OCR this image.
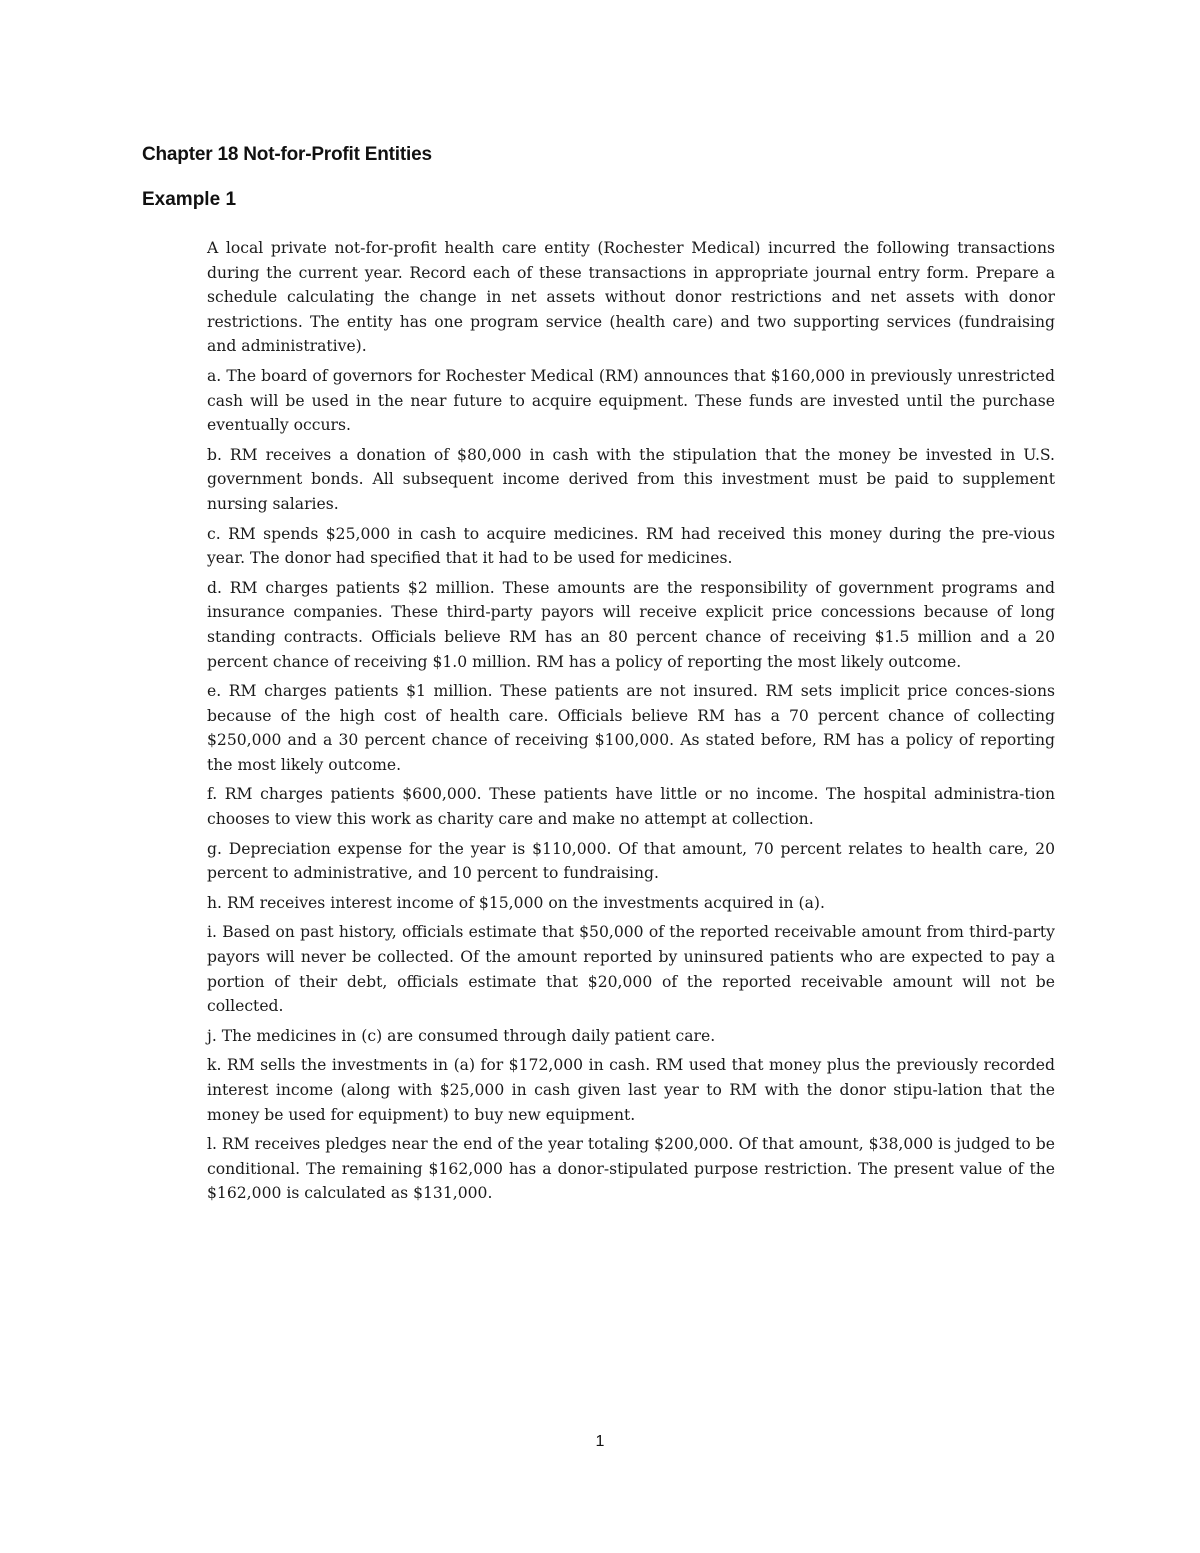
Chapter 18 Not-for-Profit Entities
Example 1

A local private not-for-profit health care entity (Rochester Medical) incurred the following transactions during the current year. Record each of these transactions in appropriate journal entry form. Prepare a schedule calculating the change in net assets without donor restrictions and net assets with donor restrictions. The entity has one program service (health care) and two supporting services (fundraising and administrative).

a. The board of governors for Rochester Medical (RM) announces that $160,000 in previously unrestricted cash will be used in the near future to acquire equipment. These funds are invested until the purchase eventually occurs.

b. RM receives a donation of $80,000 in cash with the stipulation that the money be invested in U.S. government bonds. All subsequent income derived from this investment must be paid to supplement nursing salaries.

c. RM spends $25,000 in cash to acquire medicines. RM had received this money during the pre-vious year. The donor had specified that it had to be used for medicines.

d. RM charges patients $2 million. These amounts are the responsibility of government programs and insurance companies. These third-party payors will receive explicit price concessions because of long standing contracts. Officials believe RM has an 80 percent chance of receiving $1.5 million and a 20 percent chance of receiving $1.0 million. RM has a policy of reporting the most likely outcome.

e. RM charges patients $1 million. These patients are not insured. RM sets implicit price conces-sions because of the high cost of health care. Officials believe RM has a 70 percent chance of collecting $250,000 and a 30 percent chance of receiving $100,000. As stated before, RM has a policy of reporting the most likely outcome.

f. RM charges patients $600,000. These patients have little or no income. The hospital administra-tion chooses to view this work as charity care and make no attempt at collection.

g. Depreciation expense for the year is $110,000. Of that amount, 70 percent relates to health care, 20 percent to administrative, and 10 percent to fundraising.

h. RM receives interest income of $15,000 on the investments acquired in (a).

i. Based on past history, officials estimate that $50,000 of the reported receivable amount from third-party payors will never be collected. Of the amount reported by uninsured patients who are expected to pay a portion of their debt, officials estimate that $20,000 of the reported receivable amount will not be collected.

j. The medicines in (c) are consumed through daily patient care.

k. RM sells the investments in (a) for $172,000 in cash. RM used that money plus the previously recorded interest income (along with $25,000 in cash given last year to RM with the donor stipu-lation that the money be used for equipment) to buy new equipment.

l. RM receives pledges near the end of the year totaling $200,000. Of that amount, $38,000 is judged to be conditional. The remaining $162,000 has a donor-stipulated purpose restriction. The present value of the $162,000 is calculated as $131,000.

1
